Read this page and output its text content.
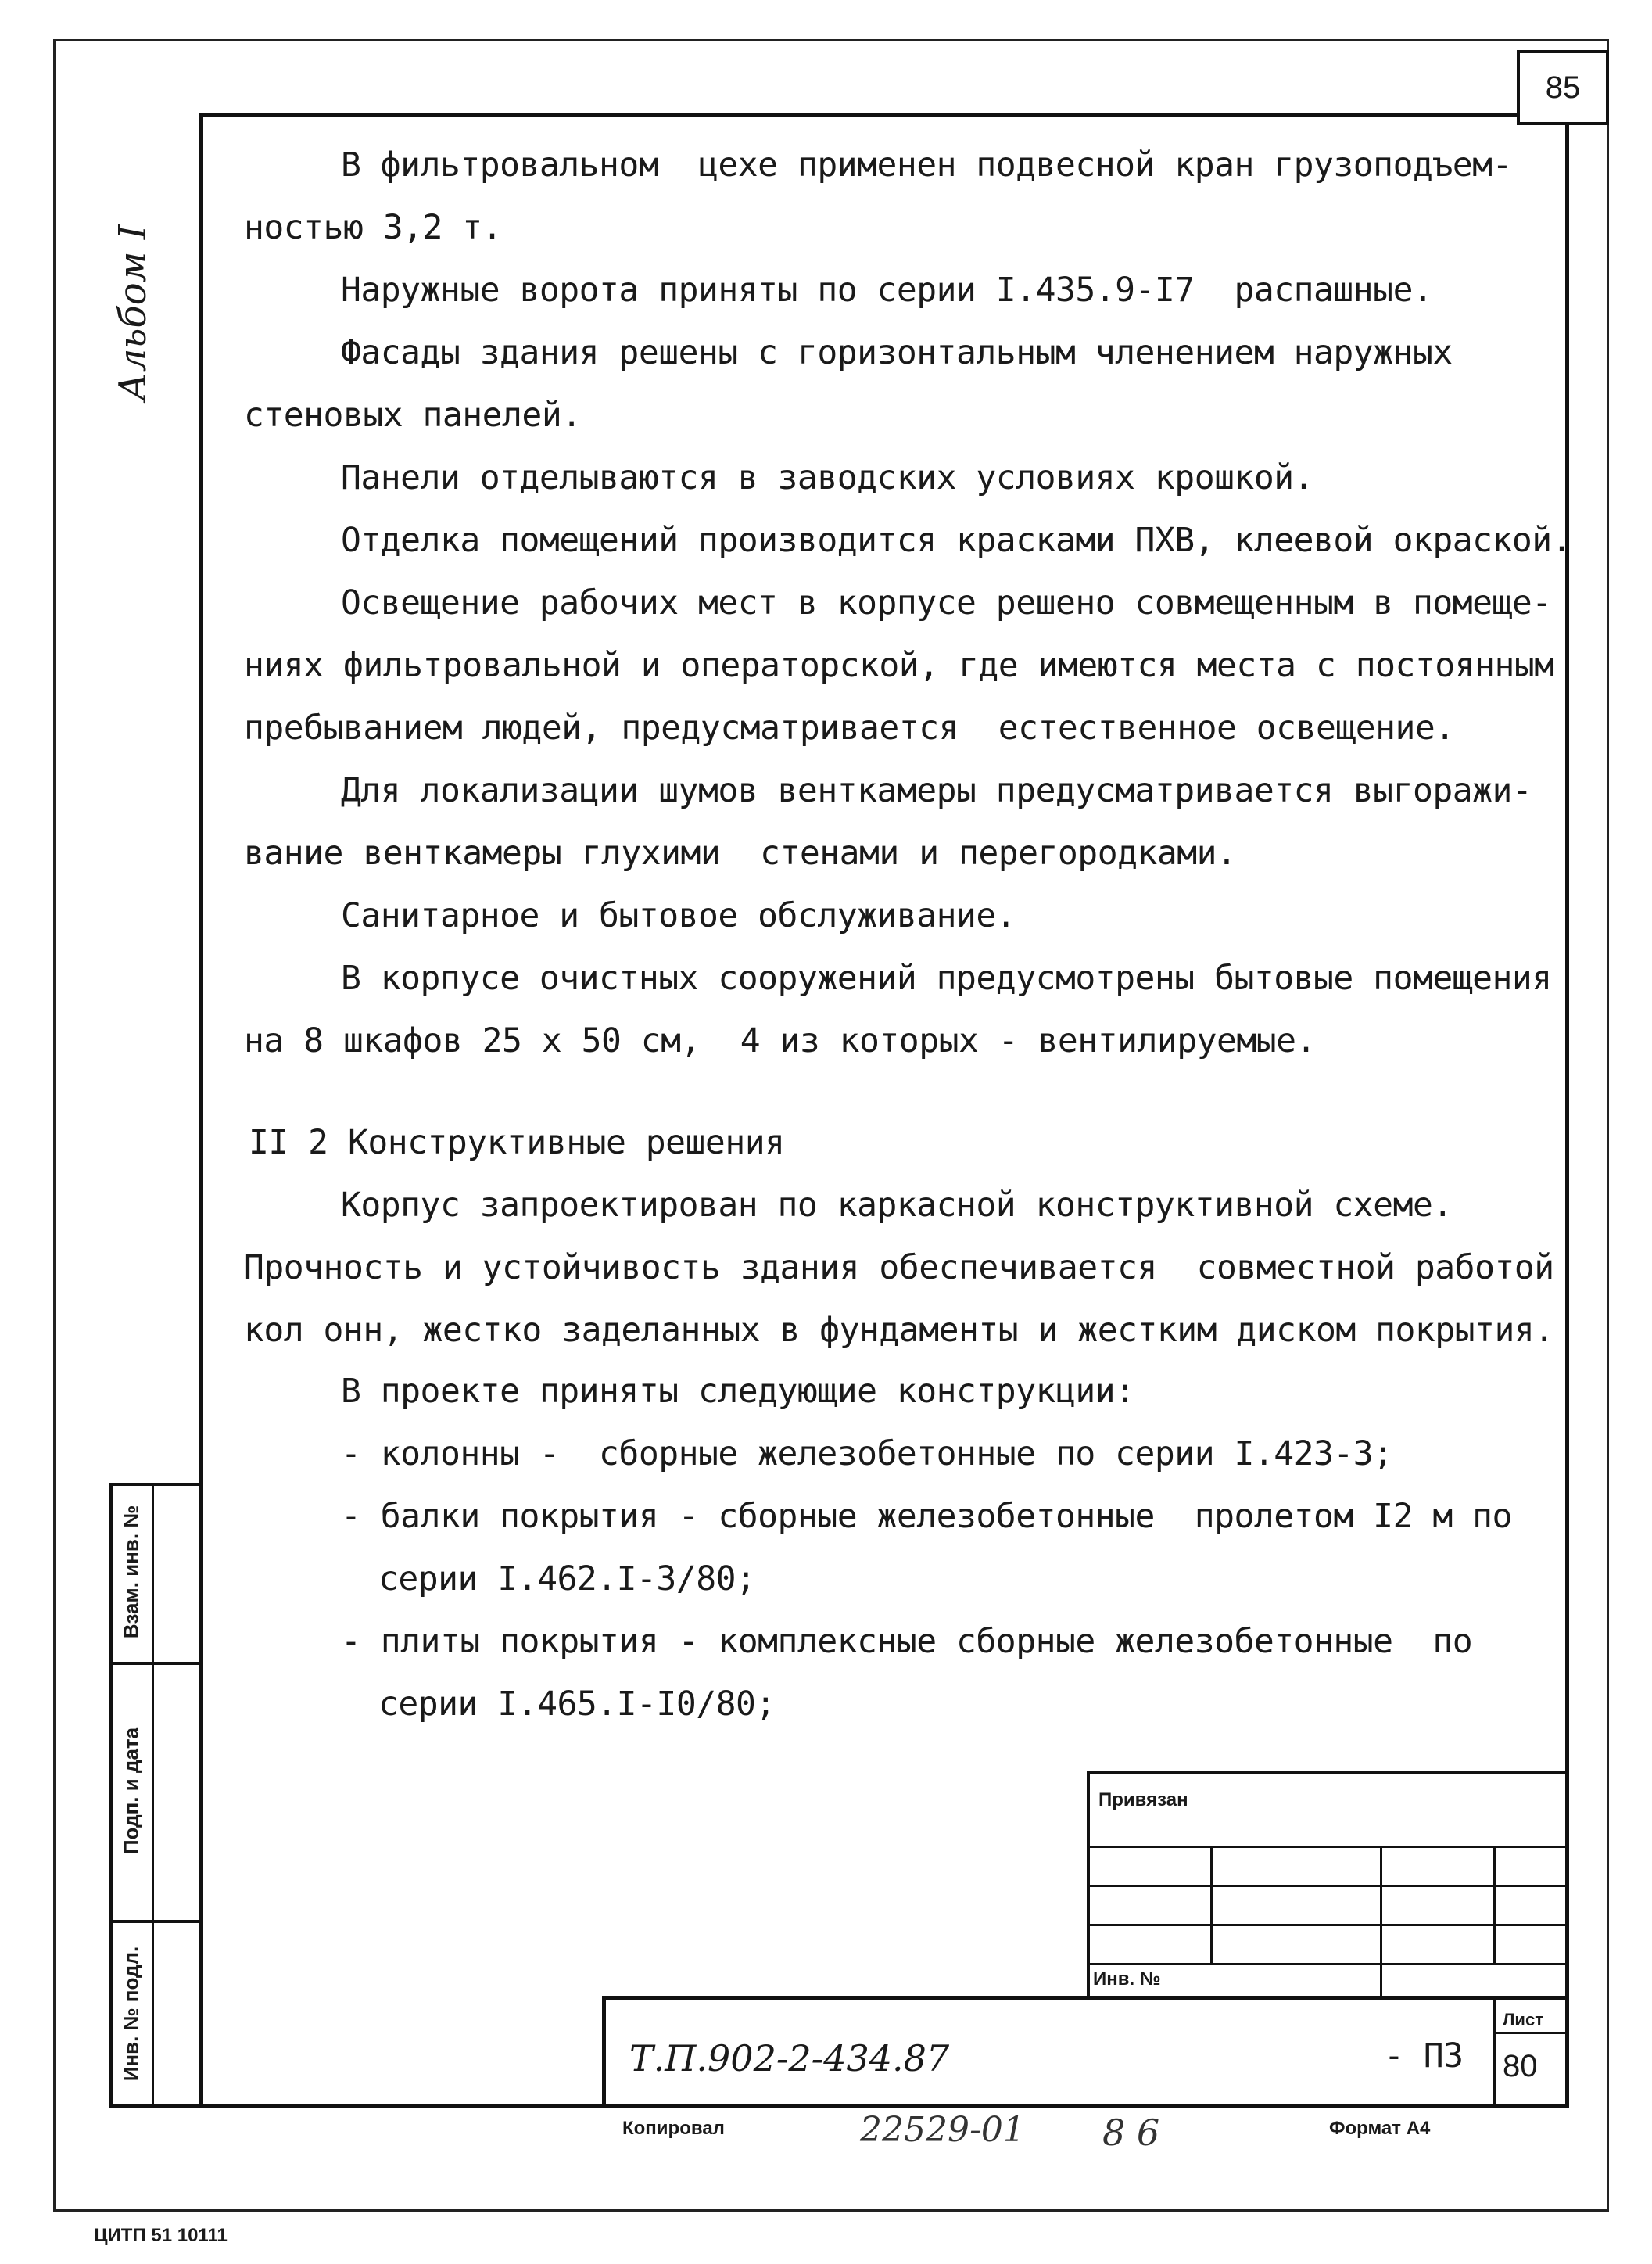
85
Альбом I
В фильтровальном  цехе применен подвесной кран грузоподъем-
ностью 3,2 т.
Наружные ворота приняты по серии I.435.9-I7  распашные.
Фасады здания решены с горизонтальным членением наружных
стеновых панелей.
Панели отделываются в заводских условиях крошкой.
Отделка помещений производится красками ПХВ, клеевой окраской.
Освещение рабочих мест в корпусе решено совмещенным в помеще-
ниях фильтровальной и операторской, где имеются места с постоянным
пребыванием людей, предусматривается  естественное освещение.
Для локализации шумов венткамеры предусматривается выгоражи-
вание венткамеры глухими  стенами и перегородками.
Санитарное и бытовое обслуживание.
В корпусе очистных сооружений предусмотрены бытовые помещения
на 8 шкафов 25 х 50 см,  4 из которых - вентилируемые.
II 2 Конструктивные решения
Корпус запроектирован по каркасной конструктивной схеме.
Прочность и устойчивость здания обеспечивается  совместной работой
кол онн, жестко заделанных в фундаменты и жестким диском покрытия.
В проекте приняты следующие конструкции:
- колонны -  сборные железобетонные по серии I.423-3;
- балки покрытия - сборные железобетонные  пролетом I2 м по
серии I.462.I-3/80;
- плиты покрытия - комплексные сборные железобетонные  по
серии I.465.I-I0/80;
Взам. инв. №
Подп. и дата
Инв. № подл.
Привязан
Инв. №
Лист
80
Т.П.902-2-434.87	- ПЗ
Копировал	22529-01 8 6	Формат А4
ЦИТП 51 10111
